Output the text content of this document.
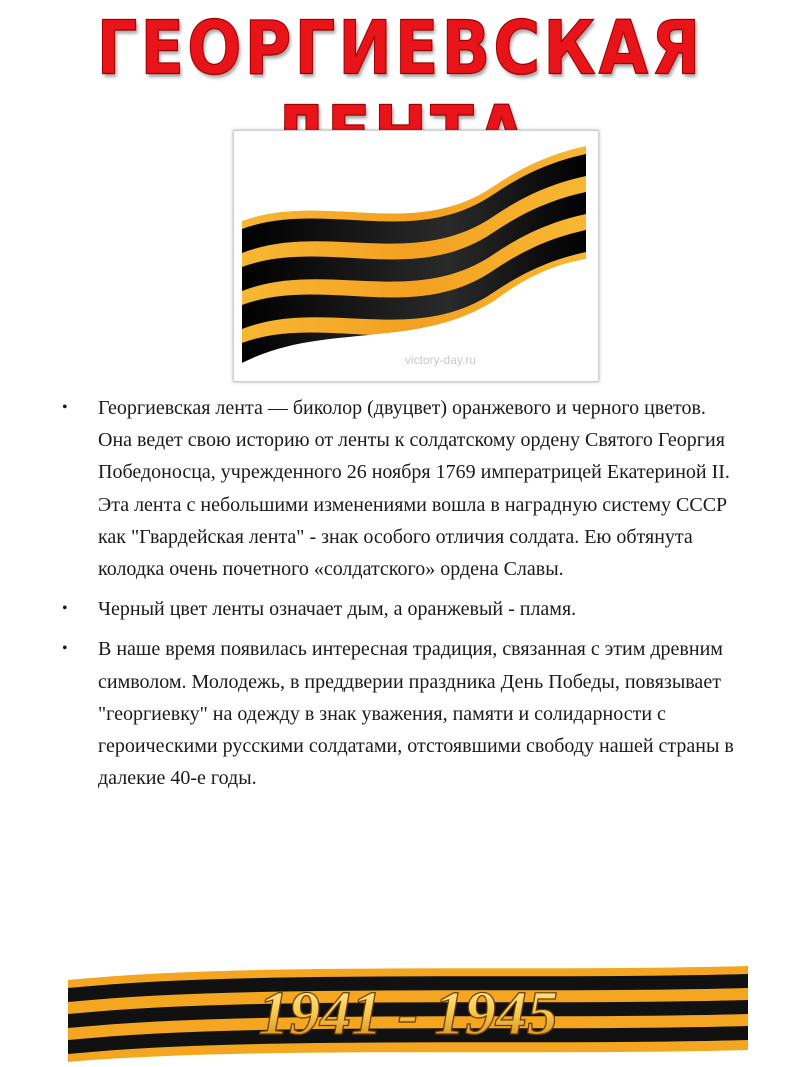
ГЕОРГИЕВСКАЯ
victory-day.ru
• Георгиевская лента — биколор (двуцвет) оранжевого и черного цветов. Она ведет свою историю от ленты к солдатскому ордену Святого Георгия Победоносца, учрежденного 26 ноября 1769 императрицей Екатериной II. Эта лента с небольшими изменениями вошла в наградную систему СССР как "Гвардейская лента" - знак особого отличия солдата. Ею обтянута колодка очень почетного «солдатского» ордена Славы.
• Черный цвет ленты означает дым, а оранжевый - пламя.
• В наше время появилась интересная традиция, связанная с этим древним символом. Молодежь, в преддверии праздника День Победы, повязывает "георгиевку" на одежду в знак уважения, памяти и солидарности с героическими русскими солдатами, отстоявшими свободу нашей страны в далекие 40-е годы.
1941 - 1945
